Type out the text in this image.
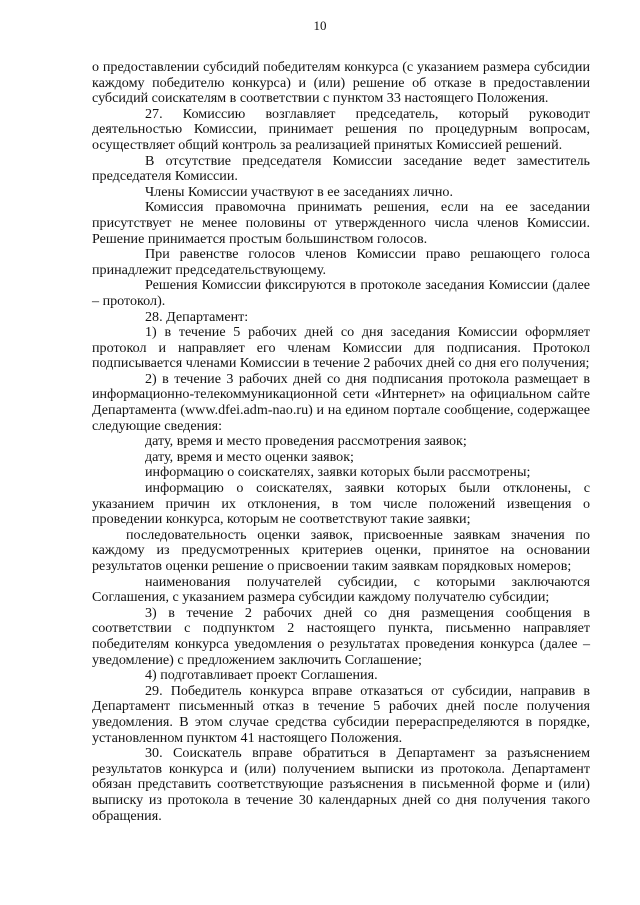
10

о предоставлении субсидий победителям конкурса (с указанием размера субсидии каждому победителю конкурса) и (или) решение об отказе в предоставлении субсидий соискателям в соответствии с пунктом 33 настоящего Положения.

27. Комиссию возглавляет председатель, который руководит деятельностью Комиссии, принимает решения по процедурным вопросам, осуществляет общий контроль за реализацией принятых Комиссией решений.

В отсутствие председателя Комиссии заседание ведет заместитель председателя Комиссии.

Члены Комиссии участвуют в ее заседаниях лично.

Комиссия правомочна принимать решения, если на ее заседании присутствует не менее половины от утвержденного числа членов Комиссии. Решение принимается простым большинством голосов.

При равенстве голосов членов Комиссии право решающего голоса принадлежит председательствующему.

Решения Комиссии фиксируются в протоколе заседания Комиссии (далее – протокол).

28. Департамент:

1) в течение 5 рабочих дней со дня заседания Комиссии оформляет протокол и направляет его членам Комиссии для подписания. Протокол подписывается членами Комиссии в течение 2 рабочих дней со дня его получения;

2) в течение 3 рабочих дней со дня подписания протокола размещает в информационно-телекоммуникационной сети «Интернет» на официальном сайте Департамента (www.dfei.adm-nao.ru) и на едином портале сообщение, содержащее следующие сведения:

дату, время и место проведения рассмотрения заявок;

дату, время и место оценки заявок;

информацию о соискателях, заявки которых были рассмотрены;

информацию о соискателях, заявки которых были отклонены, с указанием причин их отклонения, в том числе положений извещения о проведении конкурса, которым не соответствуют такие заявки;

последовательность оценки заявок, присвоенные заявкам значения по каждому из предусмотренных критериев оценки, принятое на основании результатов оценки решение о присвоении таким заявкам порядковых номеров;

наименования получателей субсидии, с которыми заключаются Соглашения, с указанием размера субсидии каждому получателю субсидии;

3) в течение 2 рабочих дней со дня размещения сообщения в соответствии с подпунктом 2 настоящего пункта, письменно направляет победителям конкурса уведомления о результатах проведения конкурса (далее – уведомление) с предложением заключить Соглашение;

4) подготавливает проект Соглашения.

29. Победитель конкурса вправе отказаться от субсидии, направив в Департамент письменный отказ в течение 5 рабочих дней после получения уведомления. В этом случае средства субсидии перераспределяются в порядке, установленном пунктом 41 настоящего Положения.

30. Соискатель вправе обратиться в Департамент за разъяснением результатов конкурса и (или) получением выписки из протокола. Департамент обязан представить соответствующие разъяснения в письменной форме и (или) выписку из протокола в течение 30 календарных дней со дня получения такого обращения.
